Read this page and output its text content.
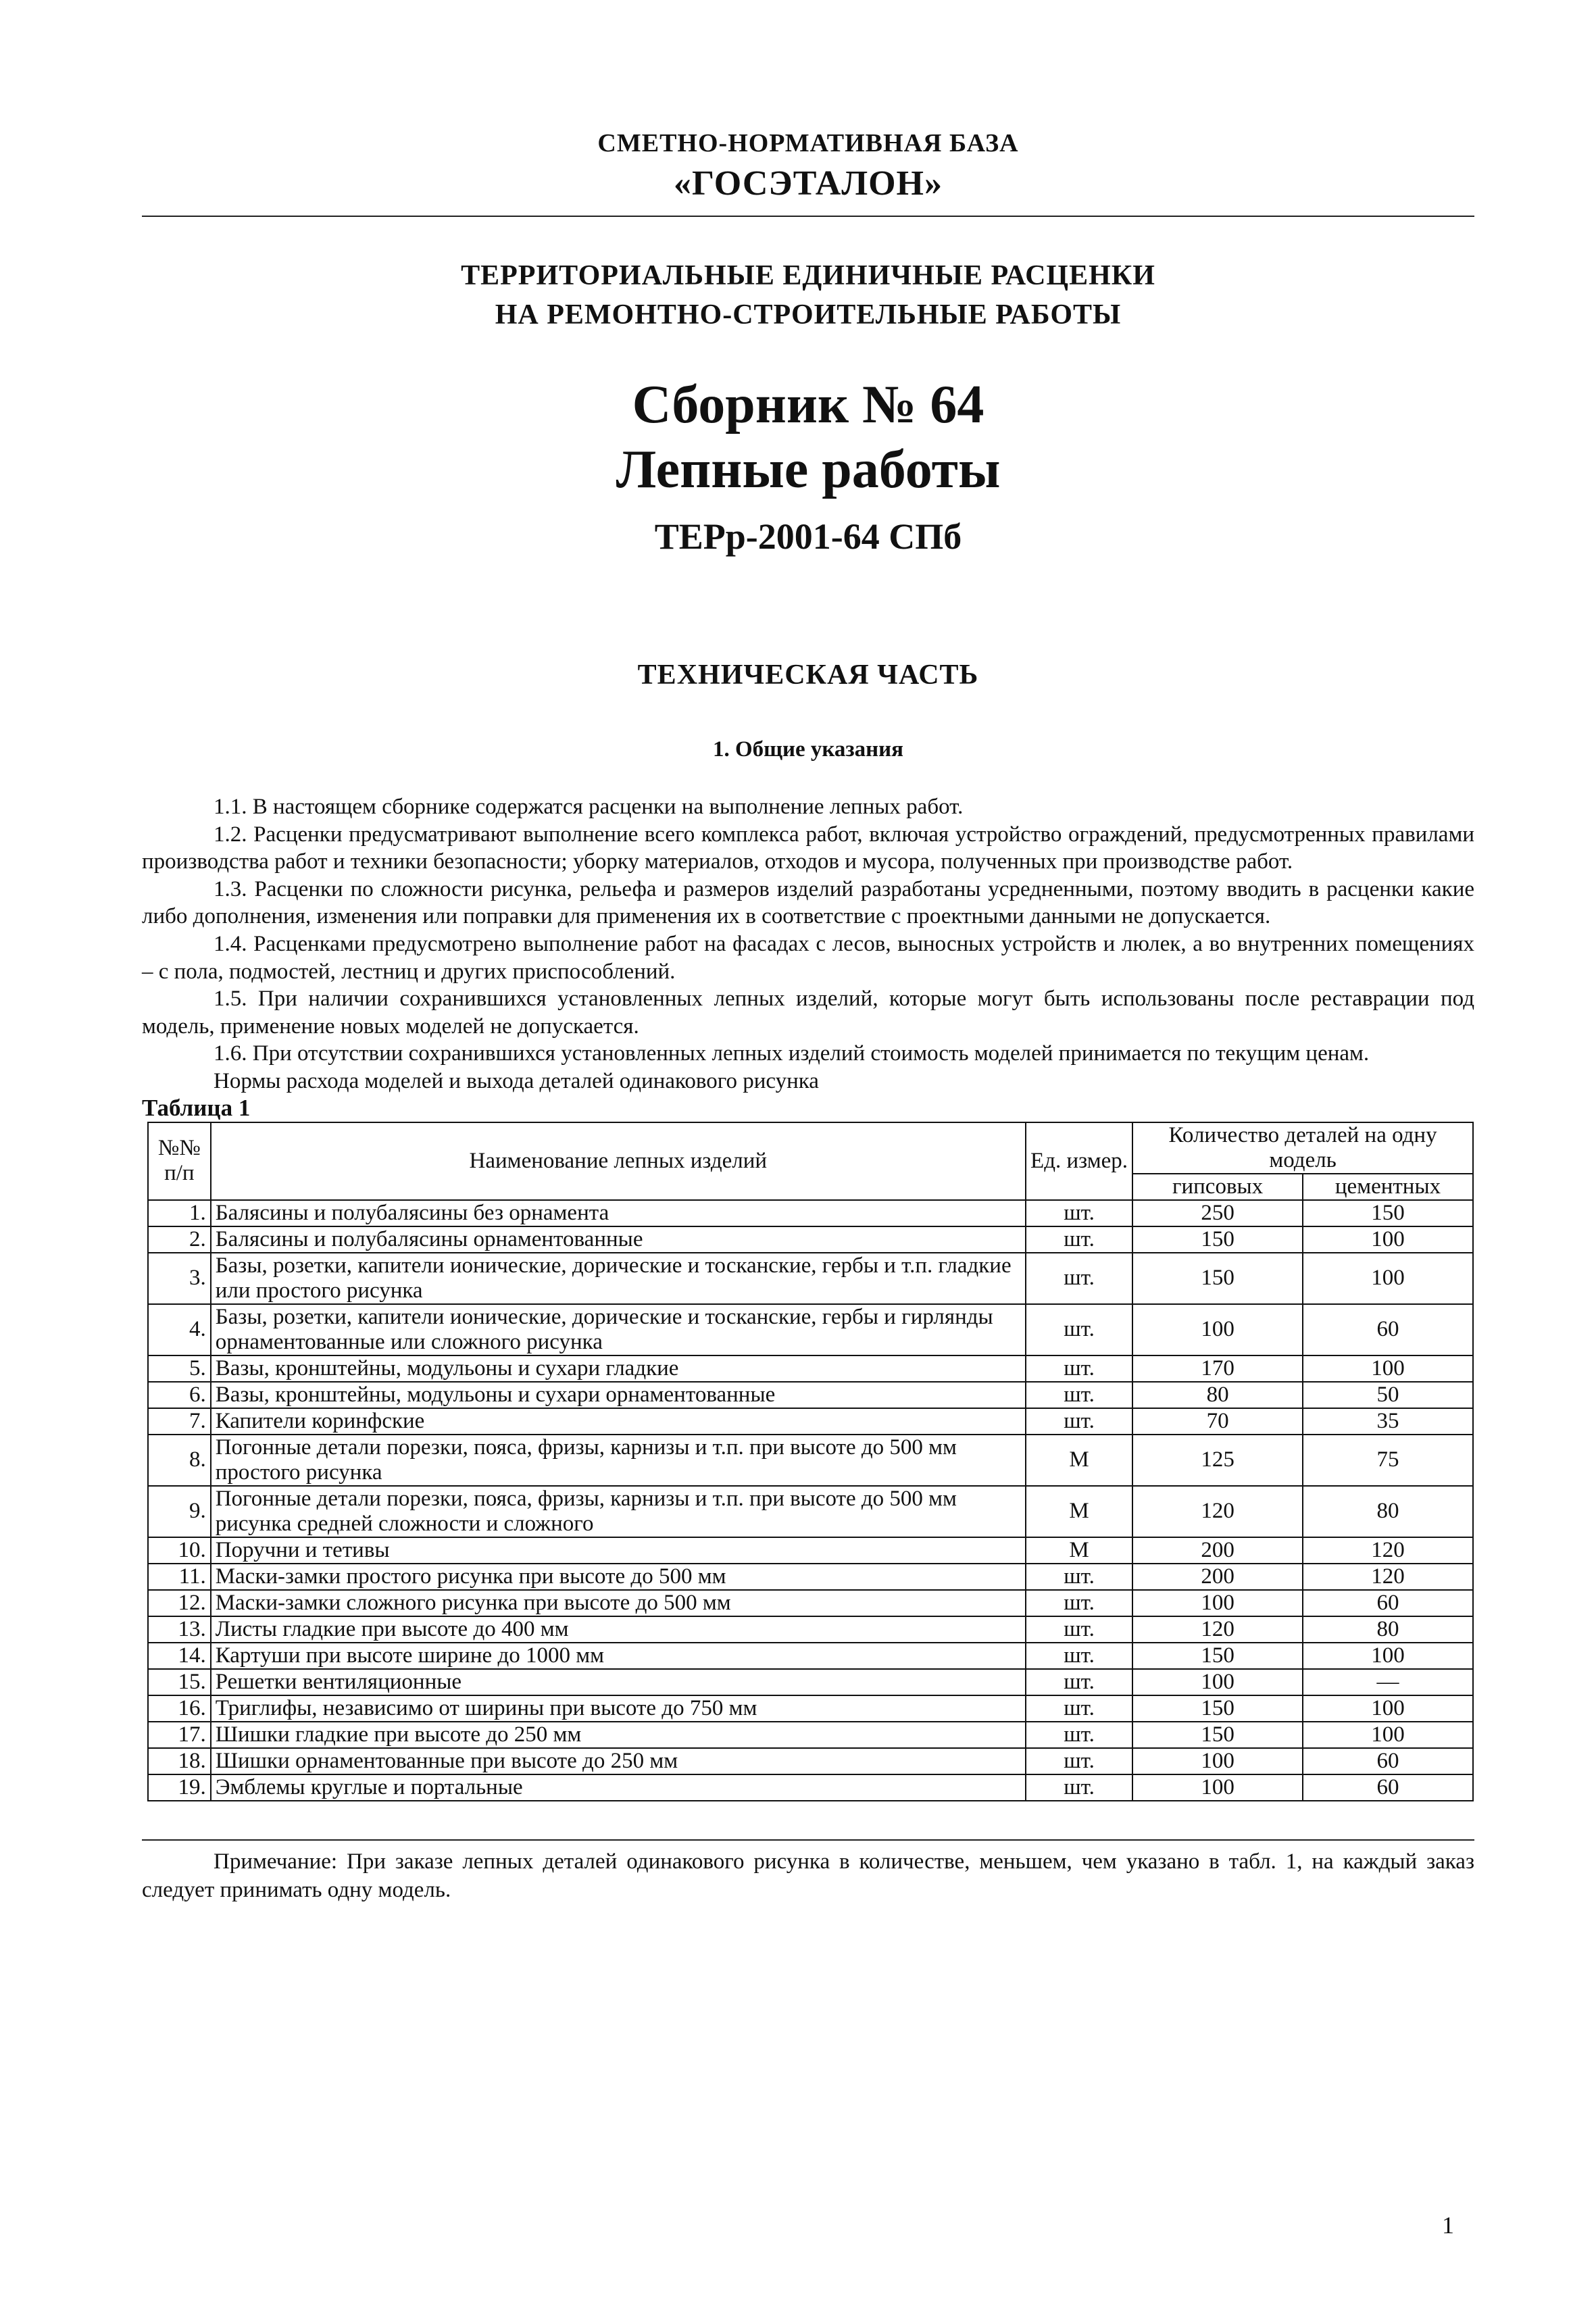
СМЕТНО-НОРМАТИВНАЯ БАЗА
«ГОСЭТАЛОН»
ТЕРРИТОРИАЛЬНЫЕ ЕДИНИЧНЫЕ РАСЦЕНКИ
НА РЕМОНТНО-СТРОИТЕЛЬНЫЕ РАБОТЫ
Сборник № 64
Лепные работы
ТЕРр-2001-64 СПб
ТЕХНИЧЕСКАЯ ЧАСТЬ
1. Общие указания

1.1. В настоящем сборнике содержатся расценки на выполнение лепных работ.

1.2. Расценки предусматривают выполнение всего комплекса работ, включая устройство ограждений, предусмотренных правилами производства работ и техники безопасности; уборку материалов, отходов и мусора, полученных при производстве работ.

1.3. Расценки по сложности рисунка, рельефа и размеров изделий разработаны усредненными, поэтому вводить в расценки какие либо дополнения, изменения или поправки для применения их в соответствие с проектными данными не допускается.

1.4. Расценками предусмотрено выполнение работ на фасадах с лесов, выносных устройств и люлек, а во внутренних помещениях – с пола, подмостей, лестниц и других приспособлений.

1.5. При наличии сохранившихся установленных лепных изделий, которые могут быть использованы после реставрации под модель, применение новых моделей не допускается.

1.6. При отсутствии сохранившихся установленных лепных изделий стоимость моделей принимается по текущим ценам.

Нормы расхода моделей и выхода деталей одинакового рисунка

Таблица 1
№№ п/п	Наименование лепных изделий	Ед. измер.	Количество деталей на одну модель	
			гипсовых	цементных
1.	Балясины и полубалясины без орнамента	шт.	250	150
2.	Балясины и полубалясины орнаментованные	шт.	150	100
3.	Базы, розетки, капители ионические, дорические и тосканские, гербы и т.п. гладкие или простого рисунка	шт.	150	100
4.	Базы, розетки, капители ионические, дорические и тосканские, гербы и гирлянды орнаментованные или сложного рисунка	шт.	100	60
5.	Вазы, кронштейны, модульоны и сухари гладкие	шт.	170	100
6.	Вазы, кронштейны, модульоны и сухари орнаментованные	шт.	80	50
7.	Капители коринфские	шт.	70	35
8.	Погонные детали порезки, пояса, фризы, карнизы и т.п. при высоте до 500 мм простого рисунка	М	125	75
9.	Погонные детали порезки, пояса, фризы, карнизы и т.п. при высоте до 500 мм рисунка средней сложности и сложного	М	120	80
10.	Поручни и тетивы	М	200	120
11.	Маски-замки простого рисунка при высоте до 500 мм	шт.	200	120
12.	Маски-замки сложного рисунка при высоте до 500 мм	шт.	100	60
13.	Листы гладкие при высоте до 400 мм	шт.	120	80
14.	Картуши при высоте ширине до 1000 мм	шт.	150	100
15.	Решетки вентиляционные	шт.	100	—
16.	Триглифы, независимо от ширины при высоте до 750 мм	шт.	150	100
17.	Шишки гладкие при высоте до 250 мм	шт.	150	100
18.	Шишки орнаментованные при высоте до 250 мм	шт.	100	60
19.	Эмблемы круглые и портальные	шт.	100	60
Примечание: При заказе лепных деталей одинакового рисунка в количестве, меньшем, чем указано в табл. 1, на каждый заказ следует принимать одну модель.
1
